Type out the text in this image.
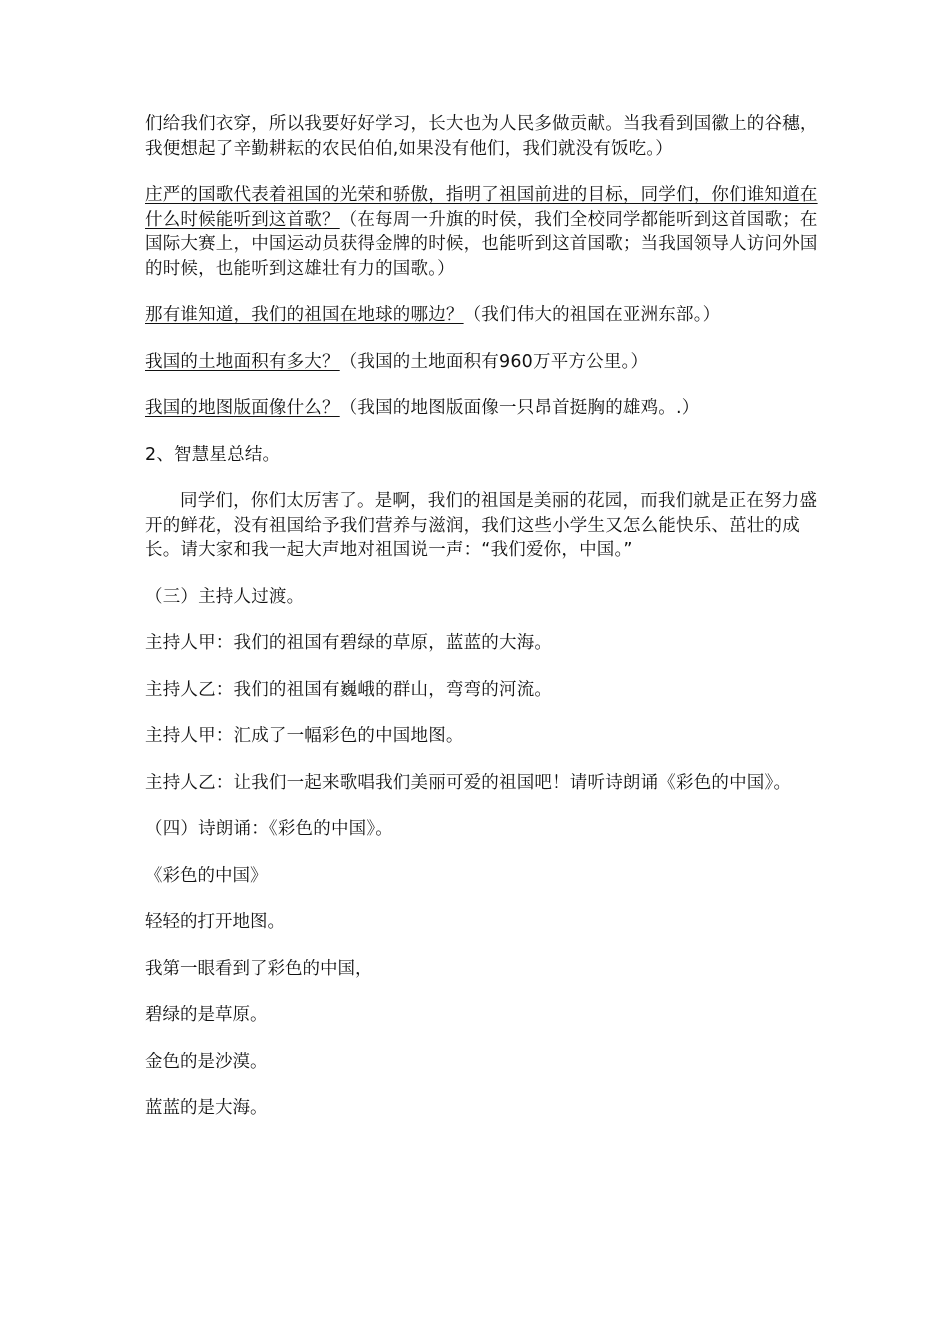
们给我们衣穿，所以我要好好学习，长大也为人民多做贡献。当我看到国徽上的谷穗，我便想起了辛勤耕耘的农民伯伯,如果没有他们，我们就没有饭吃。）

庄严的国歌代表着祖国的光荣和骄傲，指明了祖国前进的目标，同学们，你们谁知道在什么时候能听到这首歌？（在每周一升旗的时侯，我们全校同学都能听到这首国歌；在国际大赛上，中国运动员获得金牌的时候，也能听到这首国歌；当我国领导人访问外国的时候，也能听到这雄壮有力的国歌。）

那有谁知道，我们的祖国在地球的哪边？（我们伟大的祖国在亚洲东部。）

我国的土地面积有多大？（我国的土地面积有960万平方公里。）

我国的地图版面像什么？（我国的地图版面像一只昂首挺胸的雄鸡。.）

2、智慧星总结。

同学们，你们太厉害了。是啊，我们的祖国是美丽的花园，而我们就是正在努力盛开的鲜花，没有祖国给予我们营养与滋润，我们这些小学生又怎么能快乐、茁壮的成长。请大家和我一起大声地对祖国说一声：“我们爱你，中国。”

（三）主持人过渡。

主持人甲：我们的祖国有碧绿的草原，蓝蓝的大海。

主持人乙：我们的祖国有巍峨的群山，弯弯的河流。

主持人甲：汇成了一幅彩色的中国地图。

主持人乙：让我们一起来歌唱我们美丽可爱的祖国吧！请听诗朗诵《彩色的中国》。

（四）诗朗诵：《彩色的中国》。

《彩色的中国》

轻轻的打开地图。

我第一眼看到了彩色的中国，

碧绿的是草原。

金色的是沙漠。

蓝蓝的是大海。
